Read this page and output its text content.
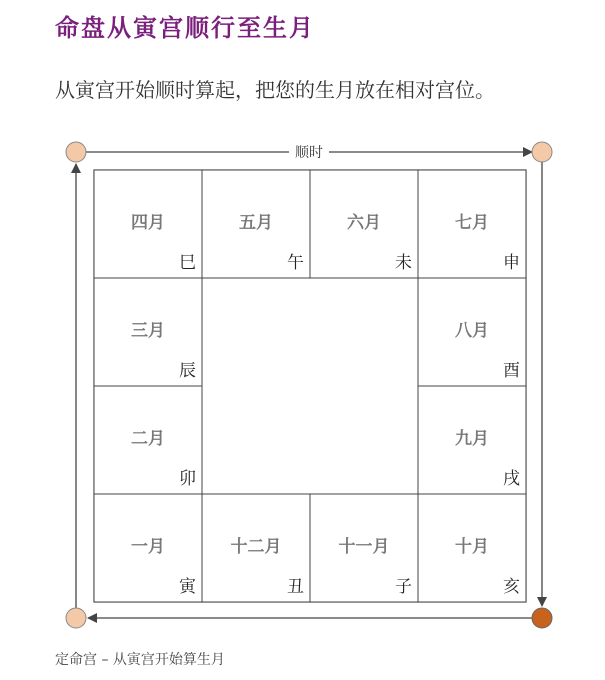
命盘从寅宫顺行至生月
从寅宫开始顺时算起，把您的生月放在相对宫位。
顺时
四月
巳
五月
午
六月
未
七月
申
三月
辰
八月
酉
二月
卯
九月
戌
一月
寅
十二月
丑
十一月
子
十月
亥
定命宫 – 从寅宫开始算生月
